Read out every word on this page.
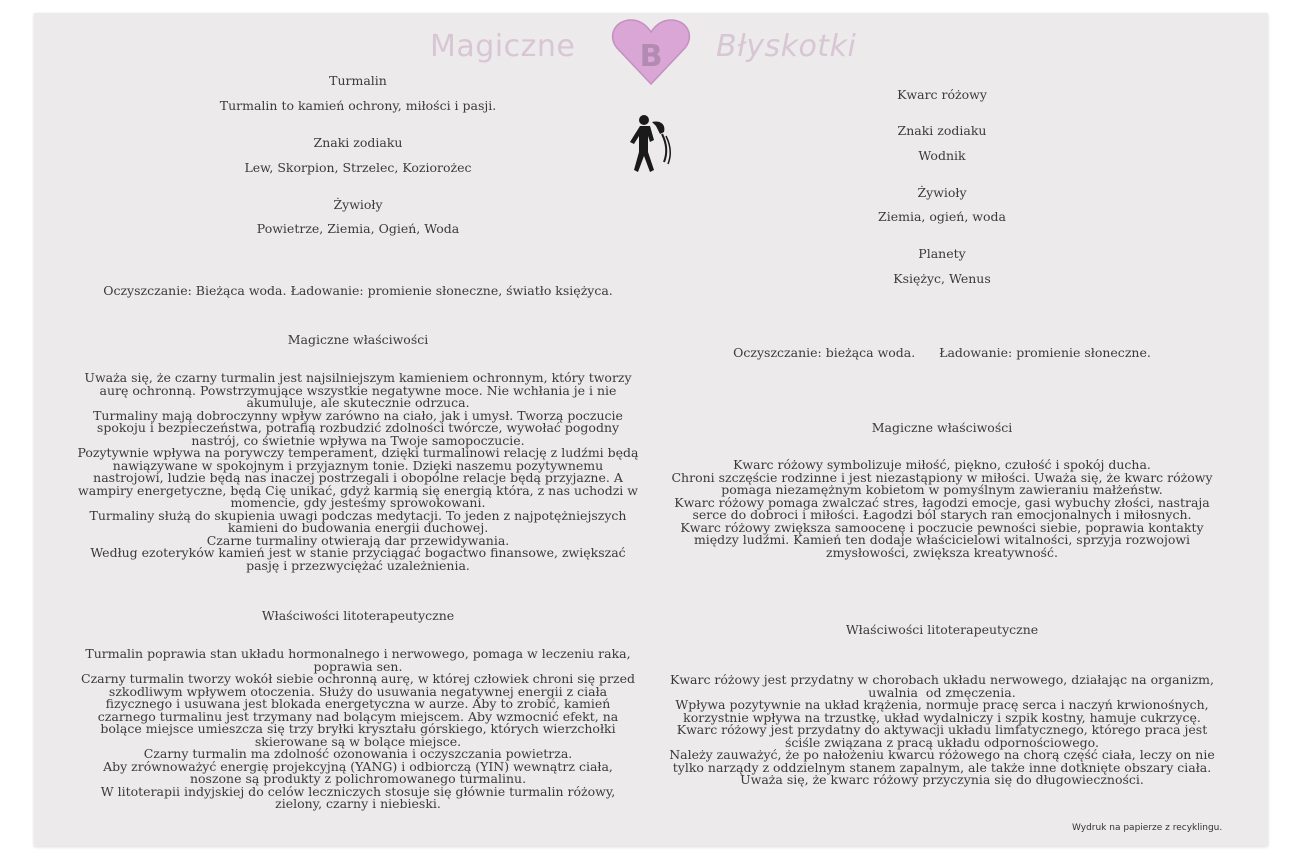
Magiczne B Błyskotki
Turmalin
Turmalin to kamień ochrony, miłości i pasji.
Znaki zodiaku
Lew, Skorpion, Strzelec, Koziorożec
Żywioły
Powietrze, Ziemia, Ogień, Woda
Oczyszczanie: Bieżąca woda. Ładowanie: promienie słoneczne, światło księżyca.
Magiczne właściwości
Uważa się, że czarny turmalin jest najsilniejszym kamieniem ochronnym, który tworzy
aurę ochronną. Powstrzymujące wszystkie negatywne moce. Nie wchłania je i nie
akumuluje, ale skutecznie odrzuca.
Turmaliny mają dobroczynny wpływ zarówno na ciało, jak i umysł. Tworzą poczucie
spokoju i bezpieczeństwa, potrafią rozbudzić zdolności twórcze, wywołać pogodny
nastrój, co świetnie wpływa na Twoje samopoczucie.
Pozytywnie wpływa na porywczy temperament, dzięki turmalinowi relację z ludźmi będą
nawiązywane w spokojnym i przyjaznym tonie. Dzięki naszemu pozytywnemu
nastrojowi, ludzie będą nas inaczej postrzegali i obopólne relacje będą przyjazne. A
wampiry energetyczne, będą Cię unikać, gdyż karmią się energią która, z nas uchodzi w
momencie, gdy jesteśmy sprowokowani.
Turmaliny służą do skupienia uwagi podczas medytacji. To jeden z najpotężniejszych
kamieni do budowania energii duchowej.
Czarne turmaliny otwierają dar przewidywania.
Według ezoteryków kamień jest w stanie przyciągać bogactwo finansowe, zwiększać
pasję i przezwyciężać uzależnienia.
Właściwości litoterapeutyczne
Turmalin poprawia stan układu hormonalnego i nerwowego, pomaga w leczeniu raka,
poprawia sen.
Czarny turmalin tworzy wokół siebie ochronną aurę, w której człowiek chroni się przed
szkodliwym wpływem otoczenia. Służy do usuwania negatywnej energii z ciała
fizycznego i usuwana jest blokada energetyczna w aurze. Aby to zrobić, kamień
czarnego turmalinu jest trzymany nad bolącym miejscem. Aby wzmocnić efekt, na
bolące miejsce umieszcza się trzy bryłki kryształu górskiego, których wierzchołki
skierowane są w bolące miejsce.
Czarny turmalin ma zdolność ozonowania i oczyszczania powietrza.
Aby zrównoważyć energię projekcyjną (YANG) i odbiorczą (YIN) wewnątrz ciała,
noszone są produkty z polichromowanego turmalinu.
W litoterapii indyjskiej do celów leczniczych stosuje się głównie turmalin różowy,
zielony, czarny i niebieski.
Kwarc różowy
Znaki zodiaku
Wodnik
Żywioły
Ziemia, ogień, woda
Planety
Księżyc, Wenus
Oczyszczanie: bieżąca woda.      Ładowanie: promienie słoneczne.
Magiczne właściwości
Kwarc różowy symbolizuje miłość, piękno, czułość i spokój ducha.
Chroni szczęście rodzinne i jest niezastąpiony w miłości. Uważa się, że kwarc różowy
pomaga niezamężnym kobietom w pomyślnym zawieraniu małżeństw.
Kwarc różowy pomaga zwalczać stres, łagodzi emocje, gasi wybuchy złości, nastraja
serce do dobroci i miłości. Łagodzi ból starych ran emocjonalnych i miłosnych.
Kwarc różowy zwiększa samoocenę i poczucie pewności siebie, poprawia kontakty
między ludźmi. Kamień ten dodaje właścicielowi witalności, sprzyja rozwojowi
zmysłowości, zwiększa kreatywność.
Właściwości litoterapeutyczne
Kwarc różowy jest przydatny w chorobach układu nerwowego, działając na organizm,
uwalnia  od zmęczenia.
Wpływa pozytywnie na układ krążenia, normuje pracę serca i naczyń krwionośnych,
korzystnie wpływa na trzustkę, układ wydalniczy i szpik kostny, hamuje cukrzycę.
Kwarc różowy jest przydatny do aktywacji układu limfatycznego, którego praca jest
ściśle związana z pracą układu odpornościowego.
Należy zauważyć, że po nałożeniu kwarcu różowego na chorą część ciała, leczy on nie
tylko narządy z oddzielnym stanem zapalnym, ale także inne dotknięte obszary ciała.
Uważa się, że kwarc różowy przyczynia się do długowieczności.
Wydruk na papierze z recyklingu.
